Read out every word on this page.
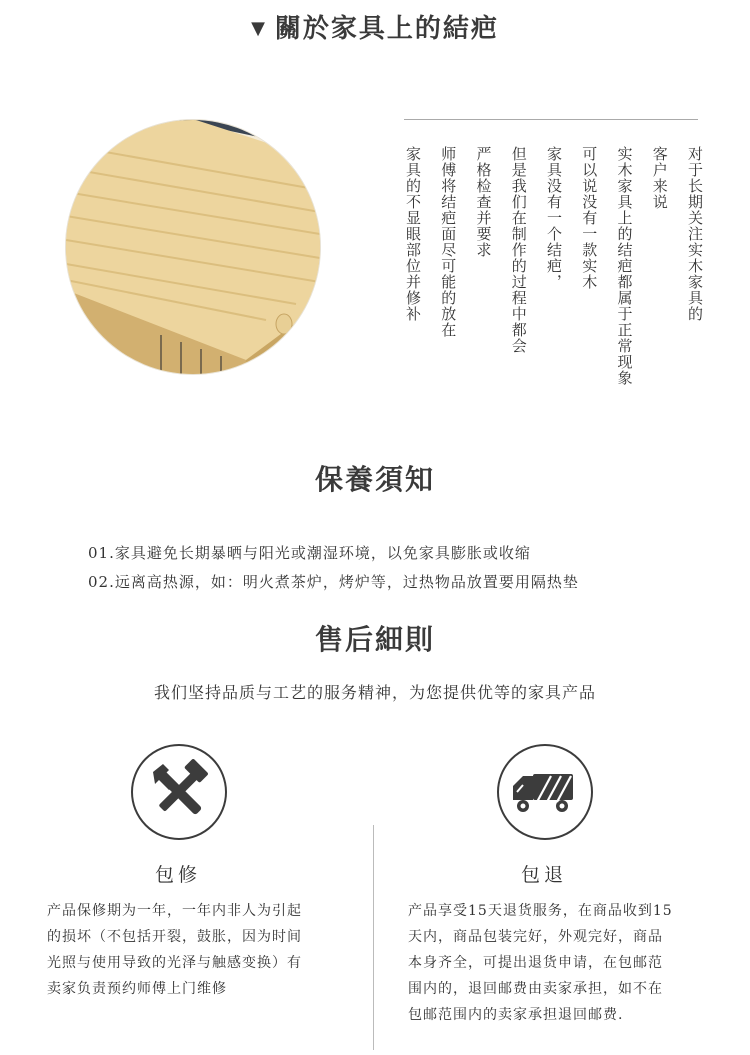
▼ 關於家具上的結疤
对于长期关注实木家具的
客户来说
实木家具上的结疤都属于正常现象
可以说没有一款实木
家具没有一个结疤，
但是我们在制作的过程中都会
严格检查并要求
师傅将结疤面尽可能的放在
家具的不显眼部位并修补
保養須知
01.家具避免长期暴晒与阳光或潮湿环境，以免家具膨胀或收缩
02.远离高热源，如：明火煮茶炉，烤炉等，过热物品放置要用隔热垫
售后細則
我们坚持品质与工艺的服务精神，为您提供优等的家具产品
包修	包退
产品保修期为一年，一年内非人为引起
的损坏（不包括开裂，鼓胀，因为时间
光照与使用导致的光泽与触感变换）有
卖家负责预约师傅上门维修
产品享受15天退货服务，在商品收到15
天内，商品包装完好，外观完好，商品
本身齐全，可提出退货申请，在包邮范
围内的，退回邮费由卖家承担，如不在
包邮范围内的卖家承担退回邮费.
